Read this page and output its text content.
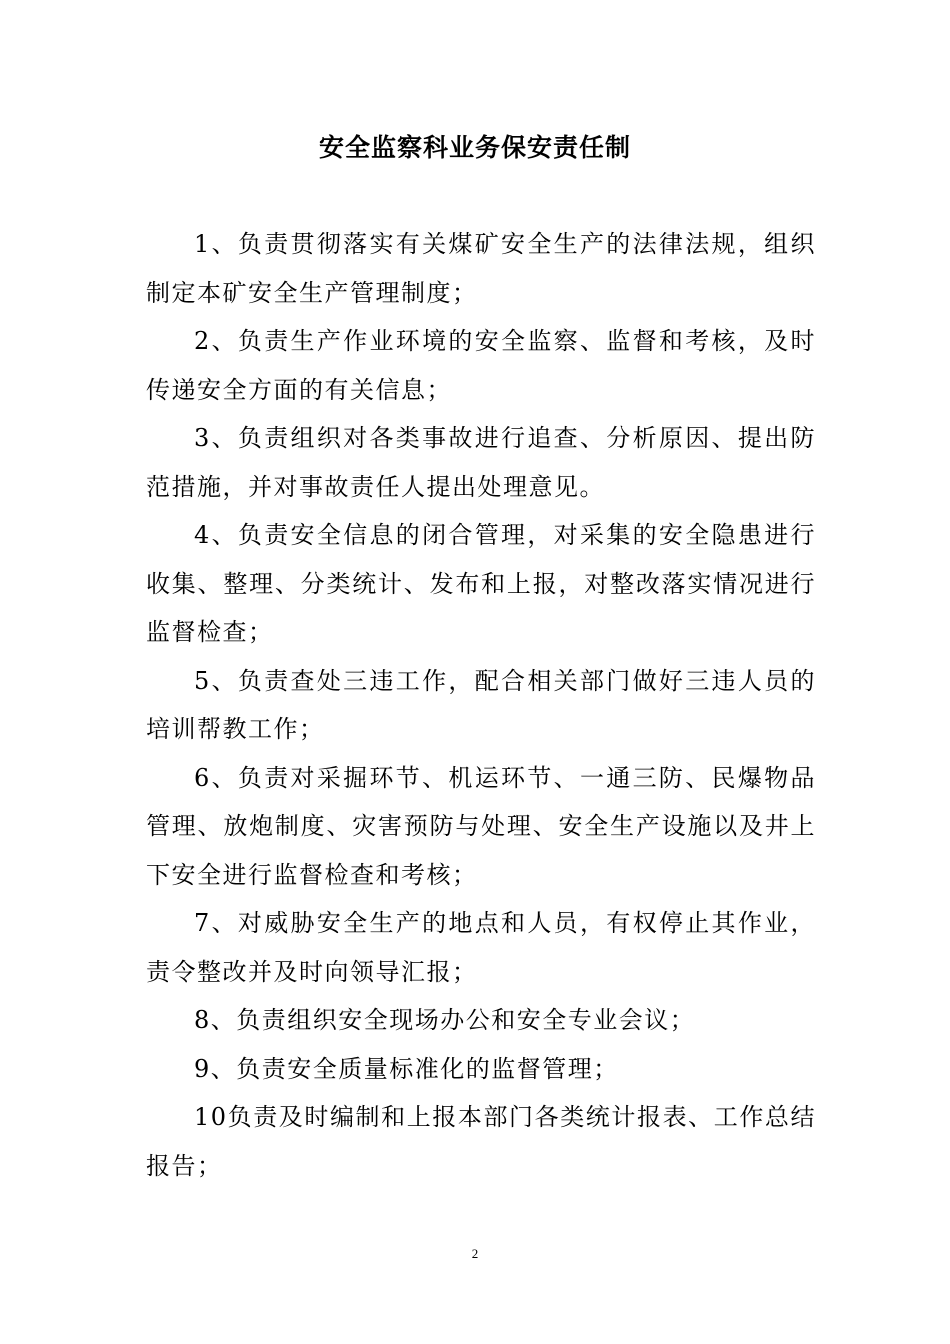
安全监察科业务保安责任制

1、负责贯彻落实有关煤矿安全生产的法律法规，组织制定本矿安全生产管理制度；

2、负责生产作业环境的安全监察、监督和考核，及时传递安全方面的有关信息；

3、负责组织对各类事故进行追查、分析原因、提出防范措施，并对事故责任人提出处理意见。

4、负责安全信息的闭合管理，对采集的安全隐患进行收集、整理、分类统计、发布和上报，对整改落实情况进行监督检查；

5、负责查处三违工作，配合相关部门做好三违人员的培训帮教工作；

6、负责对采掘环节、机运环节、一通三防、民爆物品管理、放炮制度、灾害预防与处理、安全生产设施以及井上下安全进行监督检查和考核；

7、对威胁安全生产的地点和人员，有权停止其作业，责令整改并及时向领导汇报；

8、负责组织安全现场办公和安全专业会议；

9、负责安全质量标准化的监督管理；

10负责及时编制和上报本部门各类统计报表、工作总结报告；

2
